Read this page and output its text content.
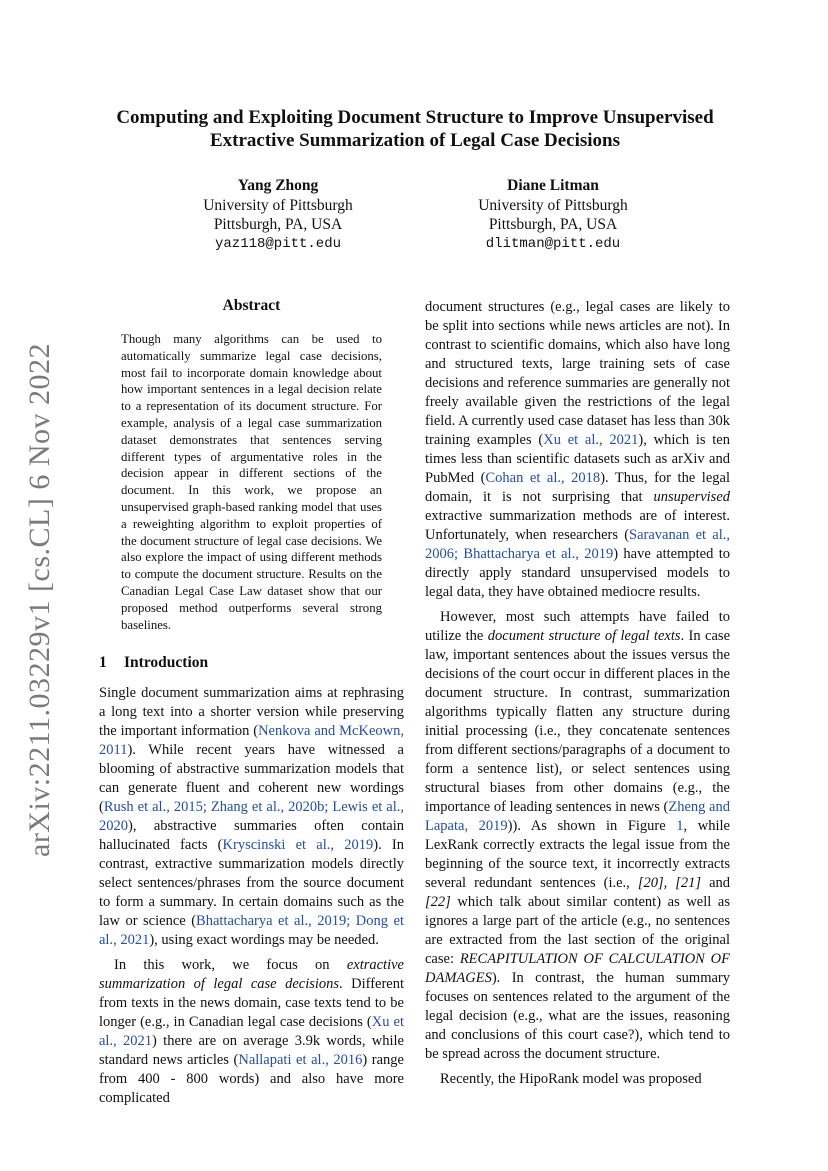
arXiv:2211.03229v1 [cs.CL] 6 Nov 2022
Computing and Exploiting Document Structure to Improve Unsupervised
Extractive Summarization of Legal Case Decisions
Yang Zhong
University of Pittsburgh
Pittsburgh, PA, USA
yaz118@pitt.edu
Diane Litman
University of Pittsburgh
Pittsburgh, PA, USA
dlitman@pitt.edu
Abstract

Though many algorithms can be used to automatically summarize legal case decisions, most fail to incorporate domain knowledge about how important sentences in a legal decision relate to a representation of its document structure. For example, analysis of a legal case summarization dataset demonstrates that sentences serving different types of argumentative roles in the decision appear in different sections of the document. In this work, we propose an unsupervised graph-based ranking model that uses a reweighting algorithm to exploit properties of the document structure of legal case decisions. We also explore the impact of using different methods to compute the document structure. Results on the Canadian Legal Case Law dataset show that our proposed method outperforms several strong baselines.

1 Introduction

Single document summarization aims at rephrasing a long text into a shorter version while preserving the important information (Nenkova and McKeown, 2011). While recent years have witnessed a blooming of abstractive summarization models that can generate fluent and coherent new wordings (Rush et al., 2015; Zhang et al., 2020b; Lewis et al., 2020), abstractive summaries often contain hallucinated facts (Kryscinski et al., 2019). In contrast, extractive summarization models directly select sentences/phrases from the source document to form a summary. In certain domains such as the law or science (Bhattacharya et al., 2019; Dong et al., 2021), using exact wordings may be needed.

In this work, we focus on extractive summarization of legal case decisions. Different from texts in the news domain, case texts tend to be longer (e.g., in Canadian legal case decisions (Xu et al., 2021) there are on average 3.9k words, while standard news articles (Nallapati et al., 2016) range from 400 - 800 words) and also have more complicated

document structures (e.g., legal cases are likely to be split into sections while news articles are not). In contrast to scientific domains, which also have long and structured texts, large training sets of case decisions and reference summaries are generally not freely available given the restrictions of the legal field. A currently used case dataset has less than 30k training examples (Xu et al., 2021), which is ten times less than scientific datasets such as arXiv and PubMed (Cohan et al., 2018). Thus, for the legal domain, it is not surprising that unsupervised extractive summarization methods are of interest. Unfortunately, when researchers (Saravanan et al., 2006; Bhattacharya et al., 2019) have attempted to directly apply standard unsupervised models to legal data, they have obtained mediocre results.

However, most such attempts have failed to utilize the document structure of legal texts. In case law, important sentences about the issues versus the decisions of the court occur in different places in the document structure. In contrast, summarization algorithms typically flatten any structure during initial processing (i.e., they concatenate sentences from different sections/paragraphs of a document to form a sentence list), or select sentences using structural biases from other domains (e.g., the importance of leading sentences in news (Zheng and Lapata, 2019)). As shown in Figure 1, while LexRank correctly extracts the legal issue from the beginning of the source text, it incorrectly extracts several redundant sentences (i.e., [20], [21] and [22] which talk about similar content) as well as ignores a large part of the article (e.g., no sentences are extracted from the last section of the original case: RECAPITULATION OF CALCULATION OF DAMAGES). In contrast, the human summary focuses on sentences related to the argument of the legal decision (e.g., what are the issues, reasoning and conclusions of this court case?), which tend to be spread across the document structure.

Recently, the HipoRank model was proposed
